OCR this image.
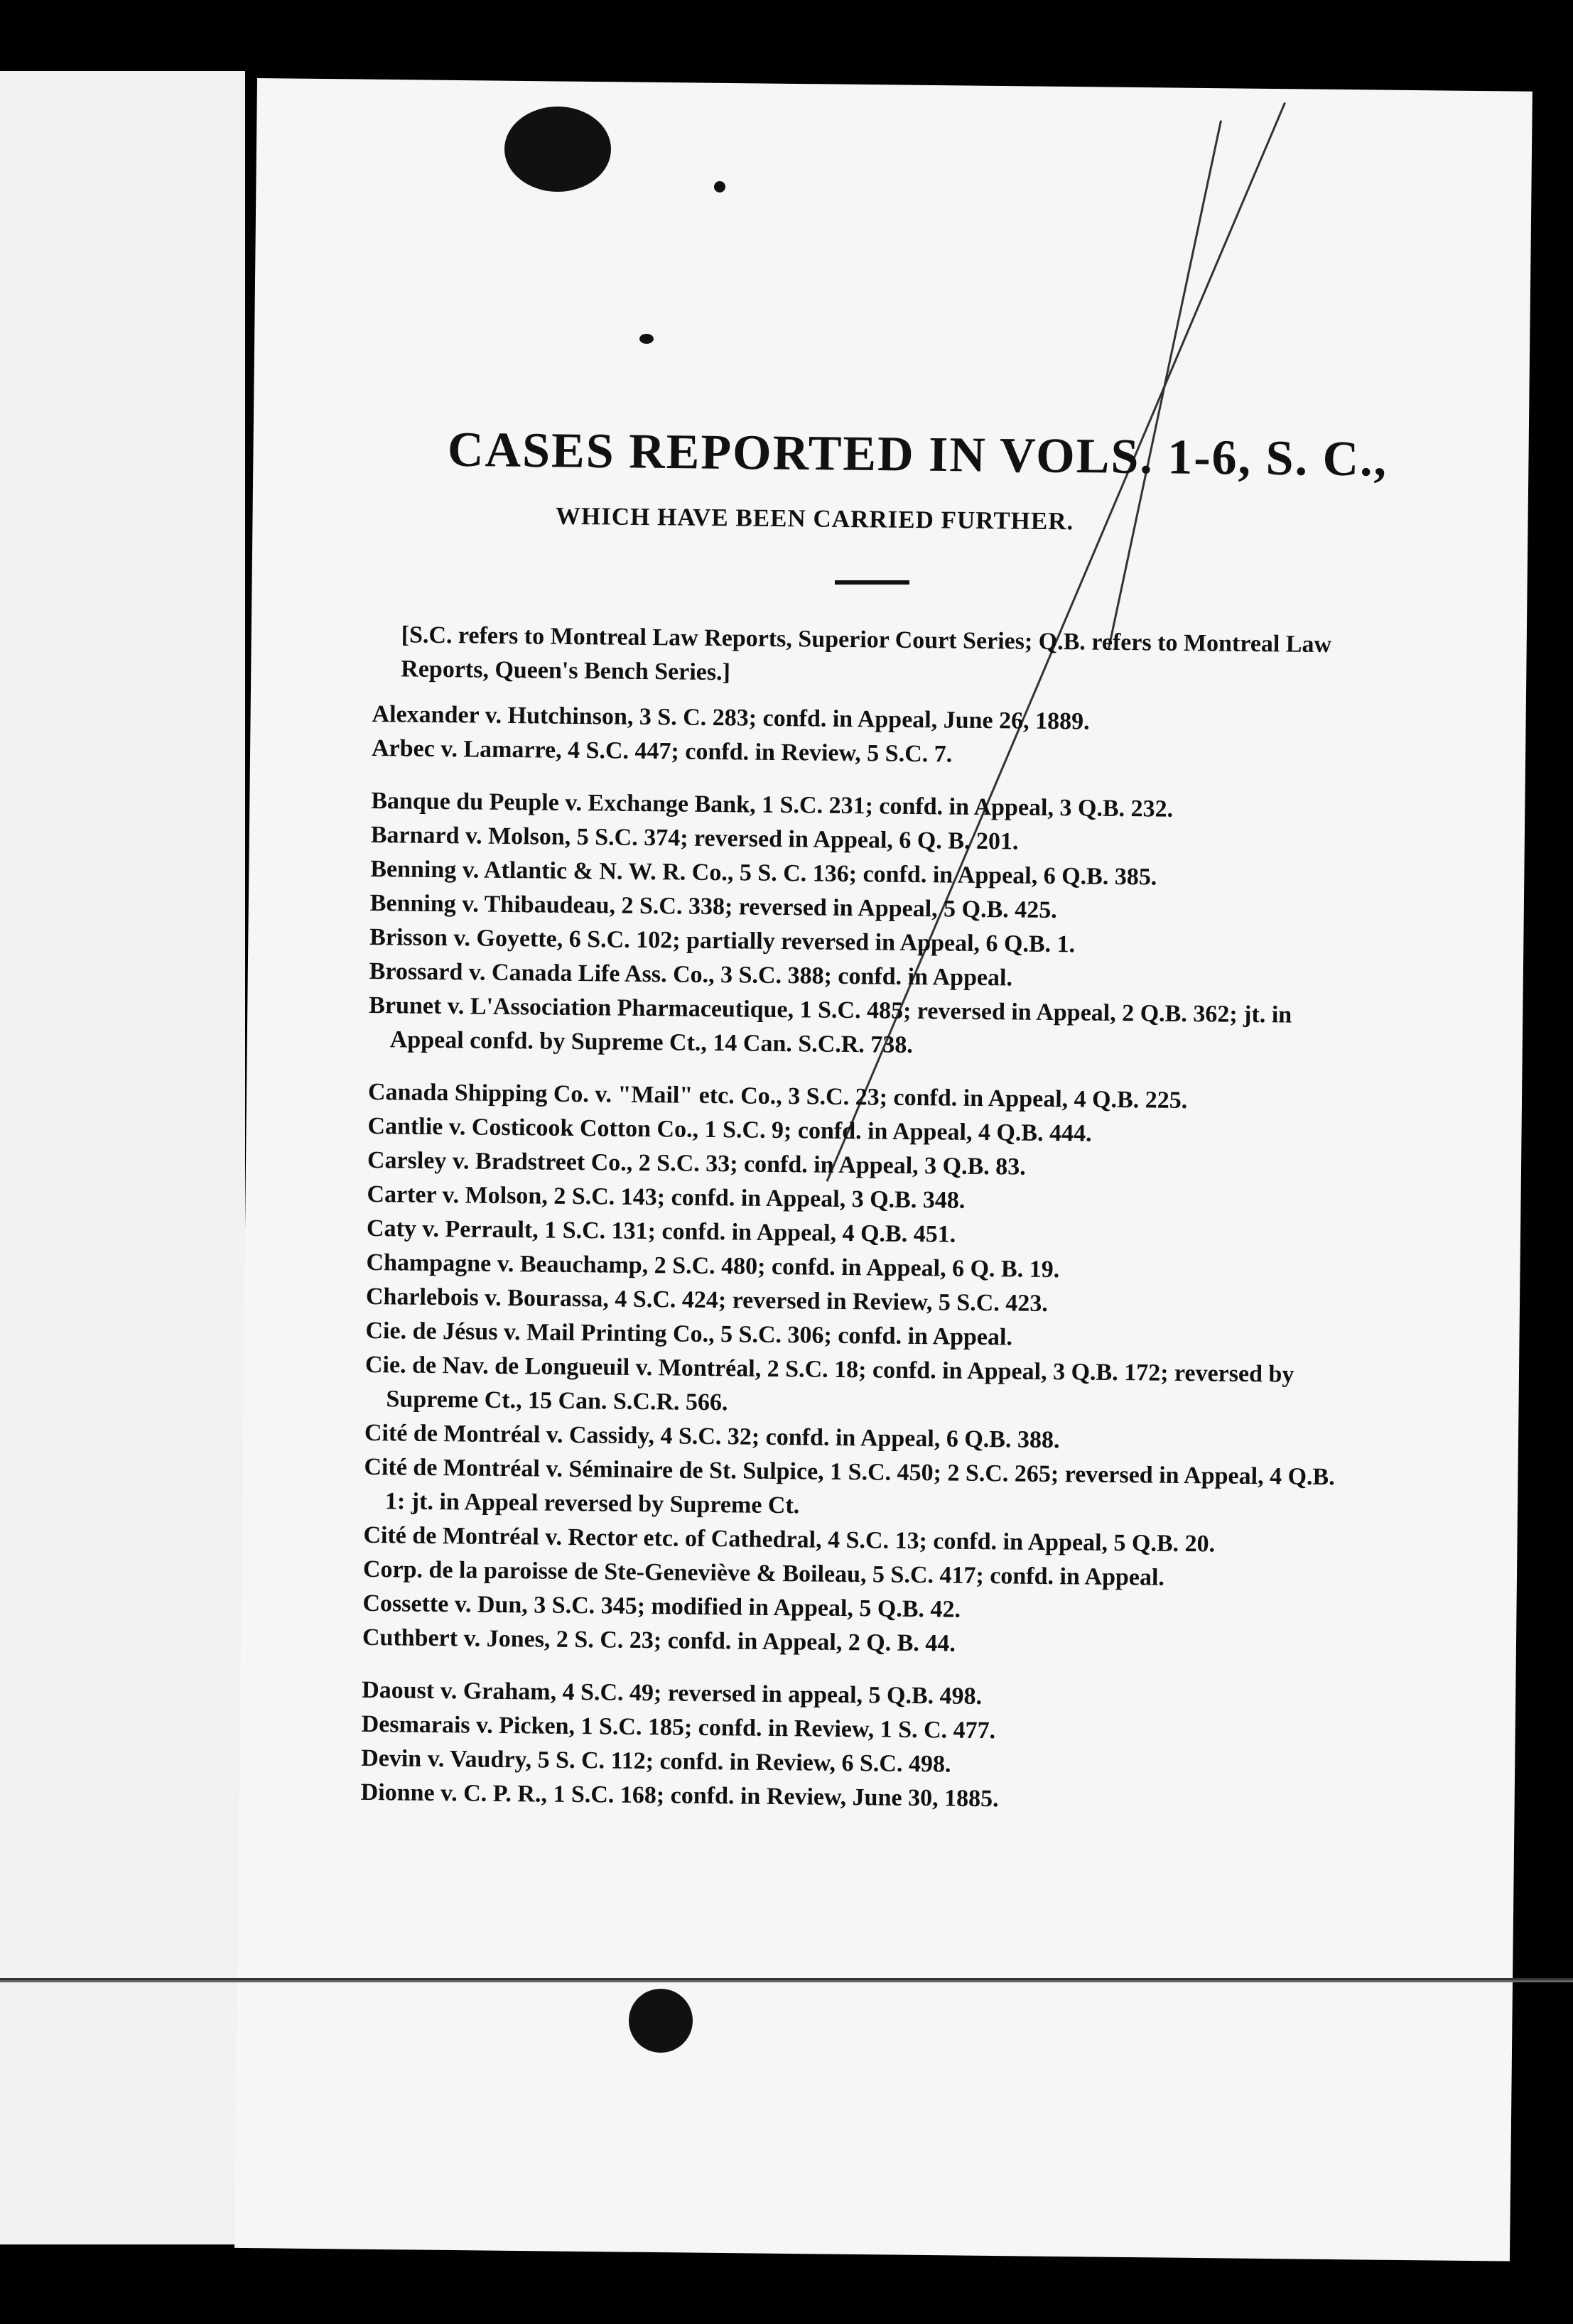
CASES REPORTED IN VOLS. 1-6, S. C.,
WHICH HAVE BEEN CARRIED FURTHER.

[S.C. refers to Montreal Law Reports, Superior Court Series; Q.B. refers to Montreal Law Reports, Queen's Bench Series.]

Alexander v. Hutchinson, 3 S. C. 283; confd. in Appeal, June 26, 1889.

Arbec v. Lamarre, 4 S.C. 447; confd. in Review, 5 S.C. 7.

Banque du Peuple v. Exchange Bank, 1 S.C. 231; confd. in Appeal, 3 Q.B. 232.

Barnard v. Molson, 5 S.C. 374; reversed in Appeal, 6 Q. B. 201.

Benning v. Atlantic & N. W. R. Co., 5 S. C. 136; confd. in Appeal, 6 Q.B. 385.

Benning v. Thibaudeau, 2 S.C. 338; reversed in Appeal, 5 Q.B. 425.

Brisson v. Goyette, 6 S.C. 102; partially reversed in Appeal, 6 Q.B. 1.

Brossard v. Canada Life Ass. Co., 3 S.C. 388; confd. in Appeal.

Brunet v. L'Association Pharmaceutique, 1 S.C. 485; reversed in Appeal, 2 Q.B. 362; jt. in Appeal confd. by Supreme Ct., 14 Can. S.C.R. 738.

Canada Shipping Co. v. "Mail" etc. Co., 3 S.C. 23; confd. in Appeal, 4 Q.B. 225.

Cantlie v. Costicook Cotton Co., 1 S.C. 9; confd. in Appeal, 4 Q.B. 444.

Carsley v. Bradstreet Co., 2 S.C. 33; confd. in Appeal, 3 Q.B. 83.

Carter v. Molson, 2 S.C. 143; confd. in Appeal, 3 Q.B. 348.

Caty v. Perrault, 1 S.C. 131; confd. in Appeal, 4 Q.B. 451.

Champagne v. Beauchamp, 2 S.C. 480; confd. in Appeal, 6 Q. B. 19.

Charlebois v. Bourassa, 4 S.C. 424; reversed in Review, 5 S.C. 423.

Cie. de Jésus v. Mail Printing Co., 5 S.C. 306; confd. in Appeal.

Cie. de Nav. de Longueuil v. Montréal, 2 S.C. 18; confd. in Appeal, 3 Q.B. 172; reversed by Supreme Ct., 15 Can. S.C.R. 566.

Cité de Montréal v. Cassidy, 4 S.C. 32; confd. in Appeal, 6 Q.B. 388.

Cité de Montréal v. Séminaire de St. Sulpice, 1 S.C. 450; 2 S.C. 265; reversed in Appeal, 4 Q.B. 1: jt. in Appeal reversed by Supreme Ct.

Cité de Montréal v. Rector etc. of Cathedral, 4 S.C. 13; confd. in Appeal, 5 Q.B. 20.

Corp. de la paroisse de Ste-Geneviève & Boileau, 5 S.C. 417; confd. in Appeal.

Cossette v. Dun, 3 S.C. 345; modified in Appeal, 5 Q.B. 42.

Cuthbert v. Jones, 2 S. C. 23; confd. in Appeal, 2 Q. B. 44.

Daoust v. Graham, 4 S.C. 49; reversed in appeal, 5 Q.B. 498.

Desmarais v. Picken, 1 S.C. 185; confd. in Review, 1 S. C. 477.

Devin v. Vaudry, 5 S. C. 112; confd. in Review, 6 S.C. 498.

Dionne v. C. P. R., 1 S.C. 168; confd. in Review, June 30, 1885.
